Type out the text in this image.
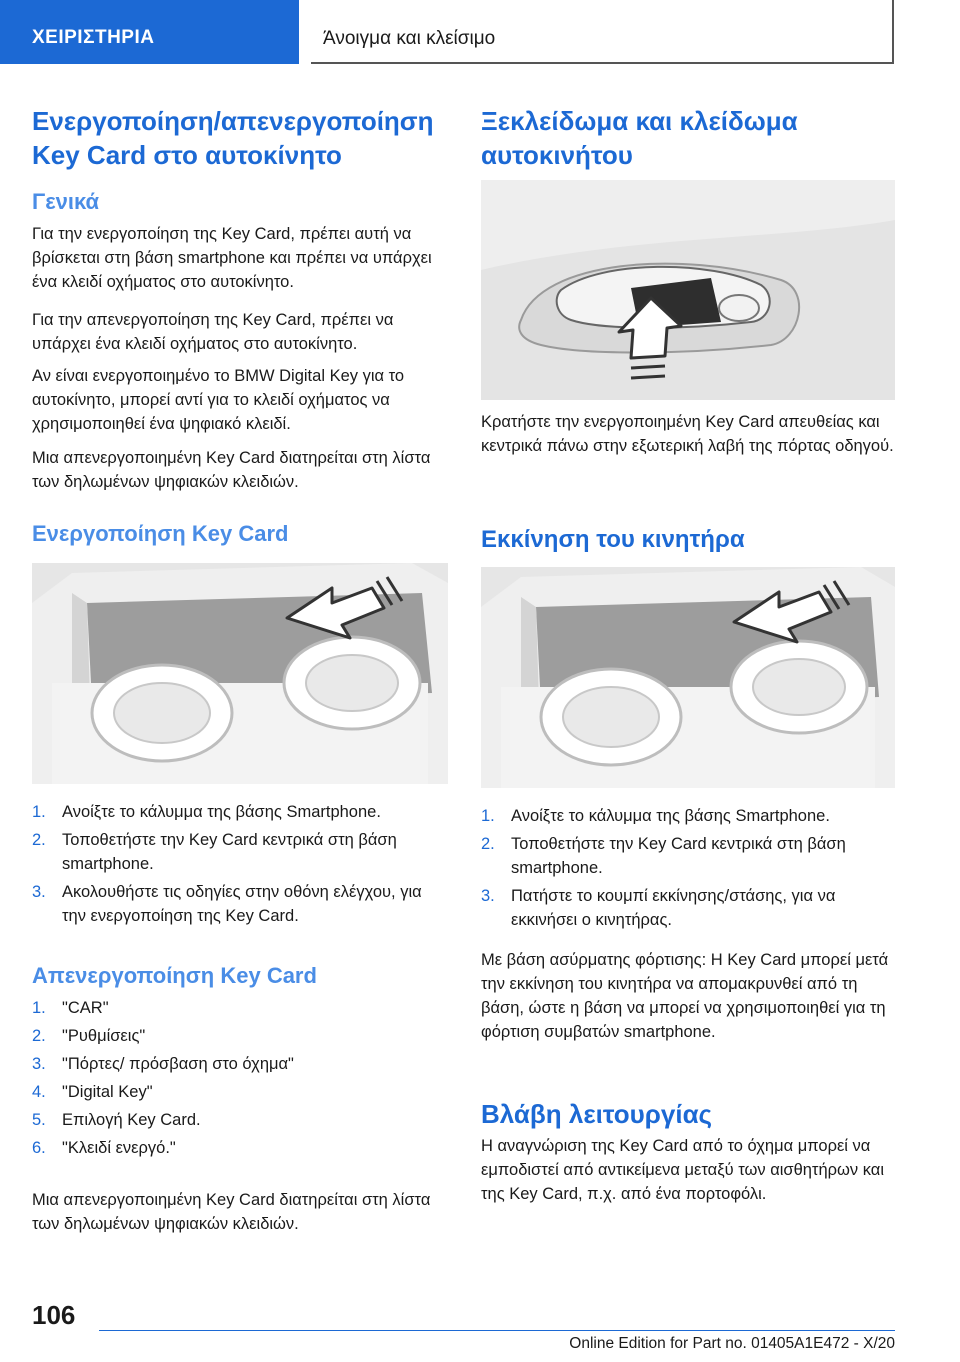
ΧΕΙΡΙΣΤΗΡΙΑ	Άνοιγμα και κλείσιμο
Ενεργοποίηση/απενεργοποίηση Key Card στο αυτοκίνητο
Γενικά

Για την ενεργοποίηση της Key Card, πρέπει αυτή να βρίσκεται στη βάση smartphone και πρέπει να υπάρχει ένα κλειδί οχήματος στο αυτοκίνητο.

Για την απενεργοποίηση της Key Card, πρέπει να υπάρχει ένα κλειδί οχήματος στο αυτοκίνητο.

Αν είναι ενεργοποιημένο το BMW Digital Key για το αυτοκίνητο, μπορεί αντί για το κλειδί οχήματος να χρησιμοποιηθεί ένα ψηφιακό κλειδί.

Μια απενεργοποιημένη Key Card διατηρείται στη λίστα των δηλωμένων ψηφιακών κλειδιών.

Ενεργοποίηση Key Card
1. Ανοίξτε το κάλυμμα της βάσης Smartphone.
2. Τοποθετήστε την Key Card κεντρικά στη βάση smartphone.
3. Ακολουθήστε τις οδηγίες στην οθόνη ελέγχου, για την ενεργοποίηση της Key Card.
Απενεργοποίηση Key Card
1. "CAR"
2. "Ρυθμίσεις"
3. "Πόρτες/ πρόσβαση στο όχημα"
4. "Digital Key"
5. Επιλογή Key Card.
6. "Κλειδί ενεργό."

Μια απενεργοποιημένη Key Card διατηρείται στη λίστα των δηλωμένων ψηφιακών κλειδιών.

Ξεκλείδωμα και κλείδωμα αυτοκινήτου

Κρατήστε την ενεργοποιημένη Key Card απευθείας και κεντρικά πάνω στην εξωτερική λαβή της πόρτας οδηγού.

Εκκίνηση του κινητήρα
1. Ανοίξτε το κάλυμμα της βάσης Smartphone.
2. Τοποθετήστε την Key Card κεντρικά στη βάση smartphone.
3. Πατήστε το κουμπί εκκίνησης/στάσης, για να εκκινήσει ο κινητήρας.

Με βάση ασύρματης φόρτισης: Η Key Card μπορεί μετά την εκκίνηση του κινητήρα να απομακρυνθεί από τη βάση, ώστε η βάση να μπορεί να χρησιμοποιηθεί για τη φόρτιση συμβατών smartphone.

Βλάβη λειτουργίας

Η αναγνώριση της Key Card από το όχημα μπορεί να εμποδιστεί από αντικείμενα μεταξύ των αισθητήρων και της Key Card, π.χ. από ένα πορτοφόλι.

106
Online Edition for Part no. 01405A1E472 - X/20
